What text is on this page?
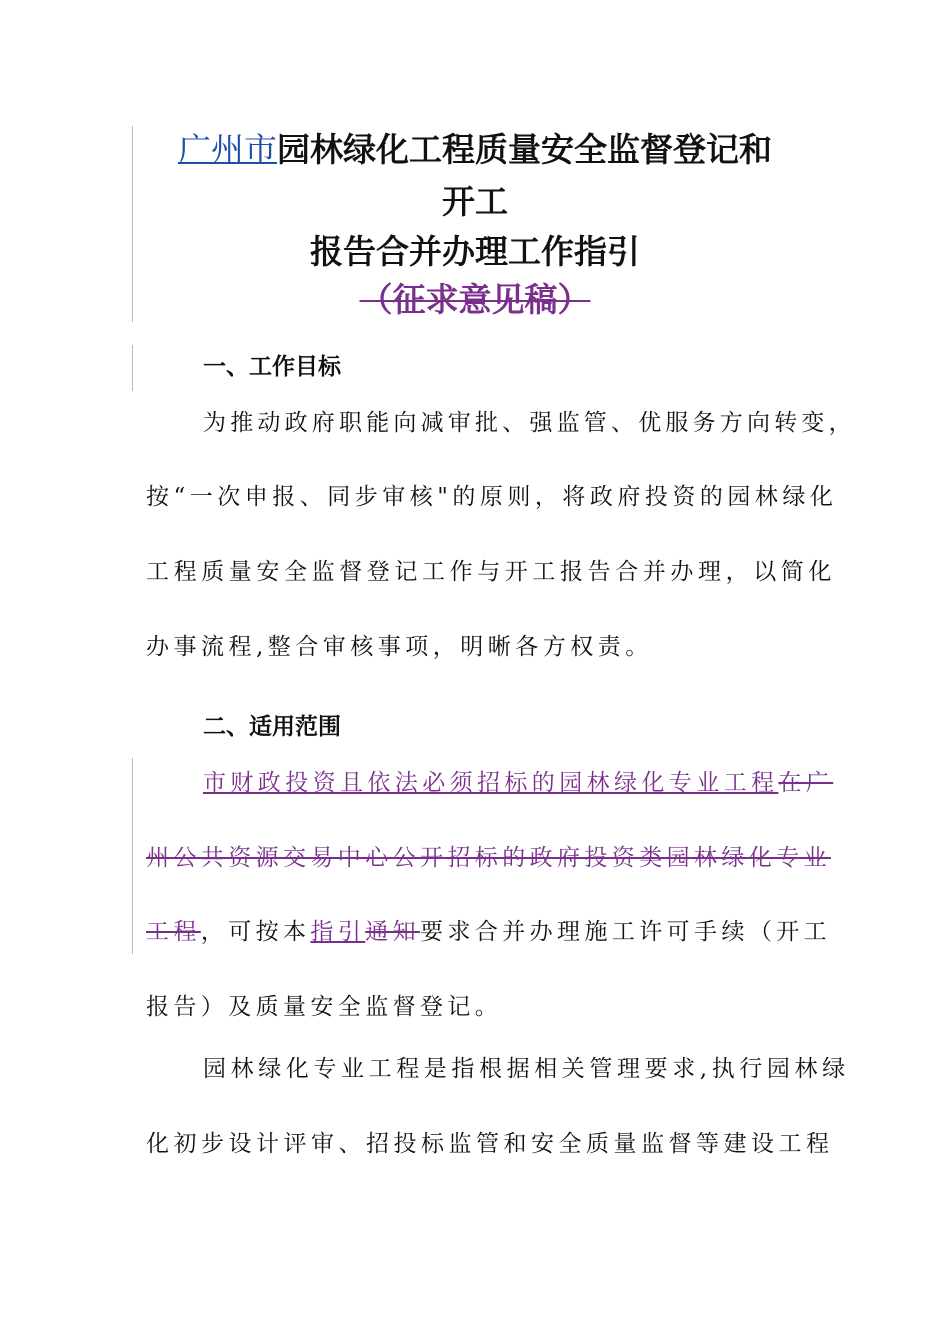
广州市园林绿化工程质量安全监督登记和
开工
报告合并办理工作指引
（征求意见稿）
一、工作目标
为推动政府职能向减审批、强监管、优服务方向转变，
按“一次申报、同步审核"的原则，将政府投资的园林绿化
工程质量安全监督登记工作与开工报告合并办理，以简化
办事流程,整合审核事项，明晰各方权责。
二、适用范围
市财政投资且依法必须招标的园林绿化专业工程在广
州公共资源交易中心公开招标的政府投资类园林绿化专业
工程，可按本指引通知要求合并办理施工许可手续（开工
报告）及质量安全监督登记。
园林绿化专业工程是指根据相关管理要求,执行园林绿
化初步设计评审、招投标监管和安全质量监督等建设工程
